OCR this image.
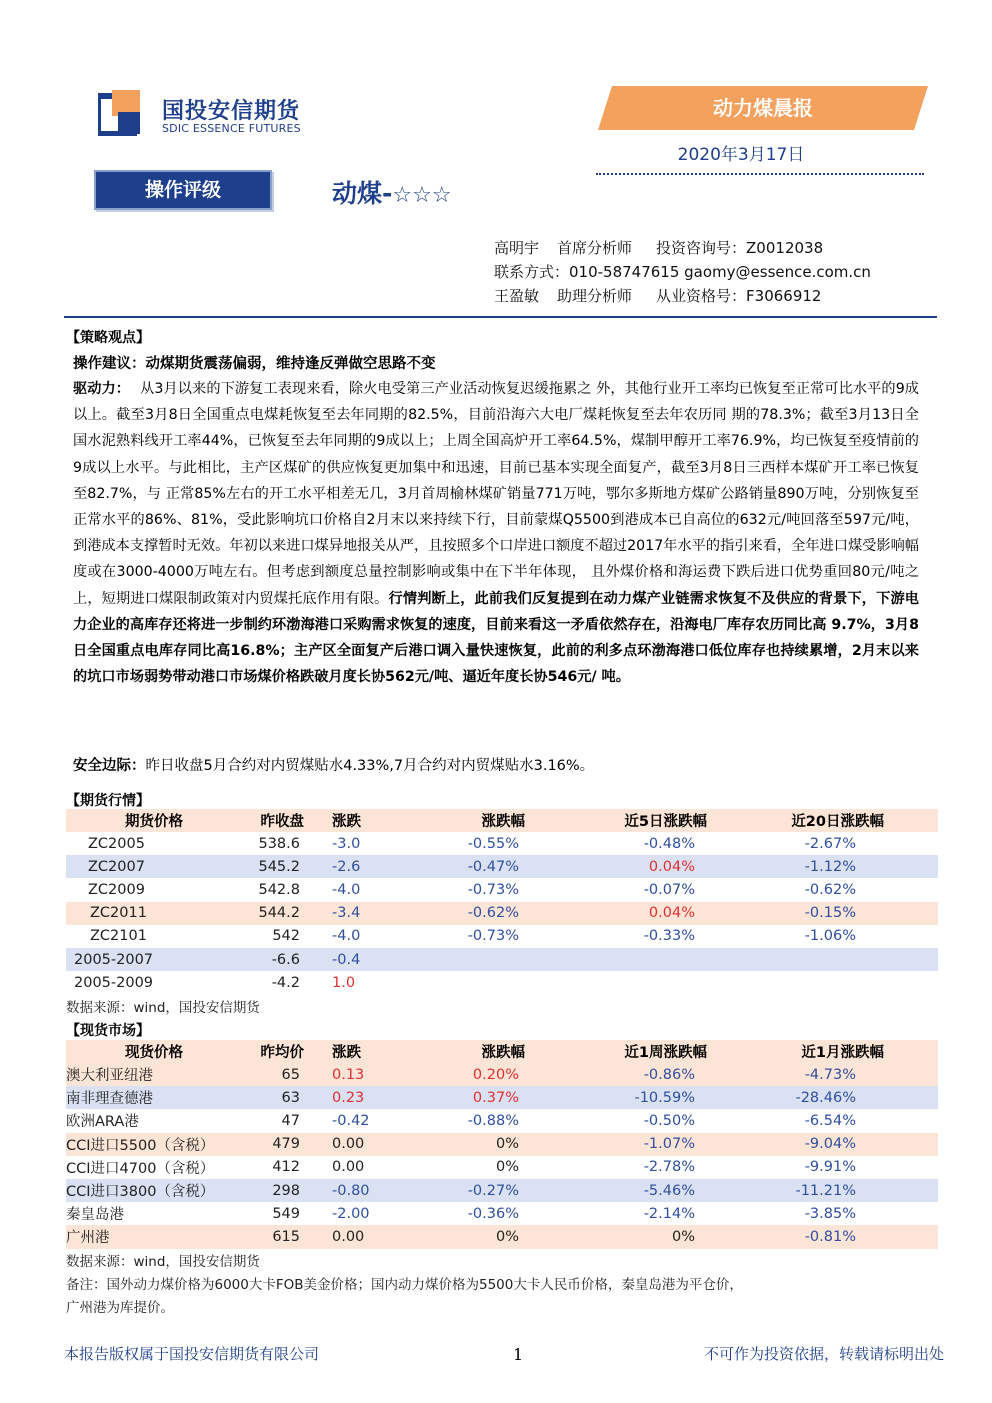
国投安信期货
SDIC ESSENCE FUTURES
动力煤晨报
2020年3月17日
操作评级	动煤-☆☆☆
高明宇 首席分析师 投资咨询号：Z0012038
联系方式：010-58747615 gaomy@essence.com.cn
王盈敏 助理分析师 从业资格号：F3066912
【策略观点】
操作建议：动煤期货震荡偏弱，维持逢反弹做空思路不变
驱动力： 从3月以来的下游复工表现来看，除火电受第三产业活动恢复迟缓拖累之 外，其他行业开工率均已恢复至正常可比水平的9成以上。截至3月8日全国重点电煤耗恢复至去年同期的82.5%，目前沿海六大电厂煤耗恢复至去年农历同 期的78.3%；截至3月13日全国水泥熟料线开工率44%，已恢复至去年同期的9成以上；上周全国高炉开工率64.5%，煤制甲醇开工率76.9%，均已恢复至疫情前的9成以上水平。与此相比，主产区煤矿的供应恢复更加集中和迅速，目前已基本实现全面复产，截至3月8日三西样本煤矿开工率已恢复至82.7%，与 正常85%左右的开工水平相差无几，3月首周榆林煤矿销量771万吨，鄂尔多斯地方煤矿公路销量890万吨，分别恢复至正常水平的86%、81%，受此影响坑口价格自2月末以来持续下行，目前蒙煤Q5500到港成本已自高位的632元/吨回落至597元/吨，到港成本支撑暂时无效。年初以来进口煤异地报关从严，且按照多个口岸进口额度不超过2017年水平的指引来看，全年进口煤受影响幅度或在3000-4000万吨左右。但考虑到额度总量控制影响或集中在下半年体现， 且外煤价格和海运费下跌后进口优势重回80元/吨之上，短期进口煤限制政策对内贸煤托底作用有限。行情判断上，此前我们反复提到在动力煤产业链需求恢复不及供应的背景下，下游电力企业的高库存还将进一步制约环渤海港口采购需求恢复的速度，目前来看这一矛盾依然存在，沿海电厂库存农历同比高 9.7%，3月8日全国重点电库存同比高16.8%；主产区全面复产后港口调入量快速恢复，此前的利多点环渤海港口低位库存也持续累增，2月末以来的坑口市场弱势带动港口市场煤价格跌破月度长协562元/吨、逼近年度长协546元/ 吨。
安全边际：昨日收盘5月合约对内贸煤贴水4.33%,7月合约对内贸煤贴水3.16%。
【期货行情】
期货价格	昨收盘	涨跌	涨跌幅	近5日涨跌幅	近20日涨跌幅
ZC2005	538.6	-3.0	-0.55%	-0.48%	-2.67%
ZC2007	545.2	-2.6	-0.47%	0.04%	-1.12%
ZC2009	542.8	-4.0	-0.73%	-0.07%	-0.62%
ZC2011	544.2	-3.4	-0.62%	0.04%	-0.15%
ZC2101	542	-4.0	-0.73%	-0.33%	-1.06%
2005-2007	-6.6	-0.4			
2005-2009	-4.2	1.0			
数据来源：wind，国投安信期货
【现货市场】
现货价格	昨均价	涨跌	涨跌幅	近1周涨跌幅	近1月涨跌幅
澳大利亚纽港	65	0.13	0.20%	-0.86%	-4.73%
南非理查德港	63	0.23	0.37%	-10.59%	-28.46%
欧洲ARA港	47	-0.42	-0.88%	-0.50%	-6.54%
CCI进口5500（含税）	479	0.00	0%	-1.07%	-9.04%
CCI进口4700（含税）	412	0.00	0%	-2.78%	-9.91%
CCI进口3800（含税）	298	-0.80	-0.27%	-5.46%	-11.21%
秦皇岛港	549	-2.00	-0.36%	-2.14%	-3.85%
广州港	615	0.00	0%	0%	-0.81%
数据来源：wind，国投安信期货
备注：国外动力煤价格为6000大卡FOB美金价格；国内动力煤价格为5500大卡人民币价格，秦皇岛港为平仓价，
广州港为库提价。
本报告版权属于国投安信期货有限公司	1	不可作为投资依据，转载请标明出处
